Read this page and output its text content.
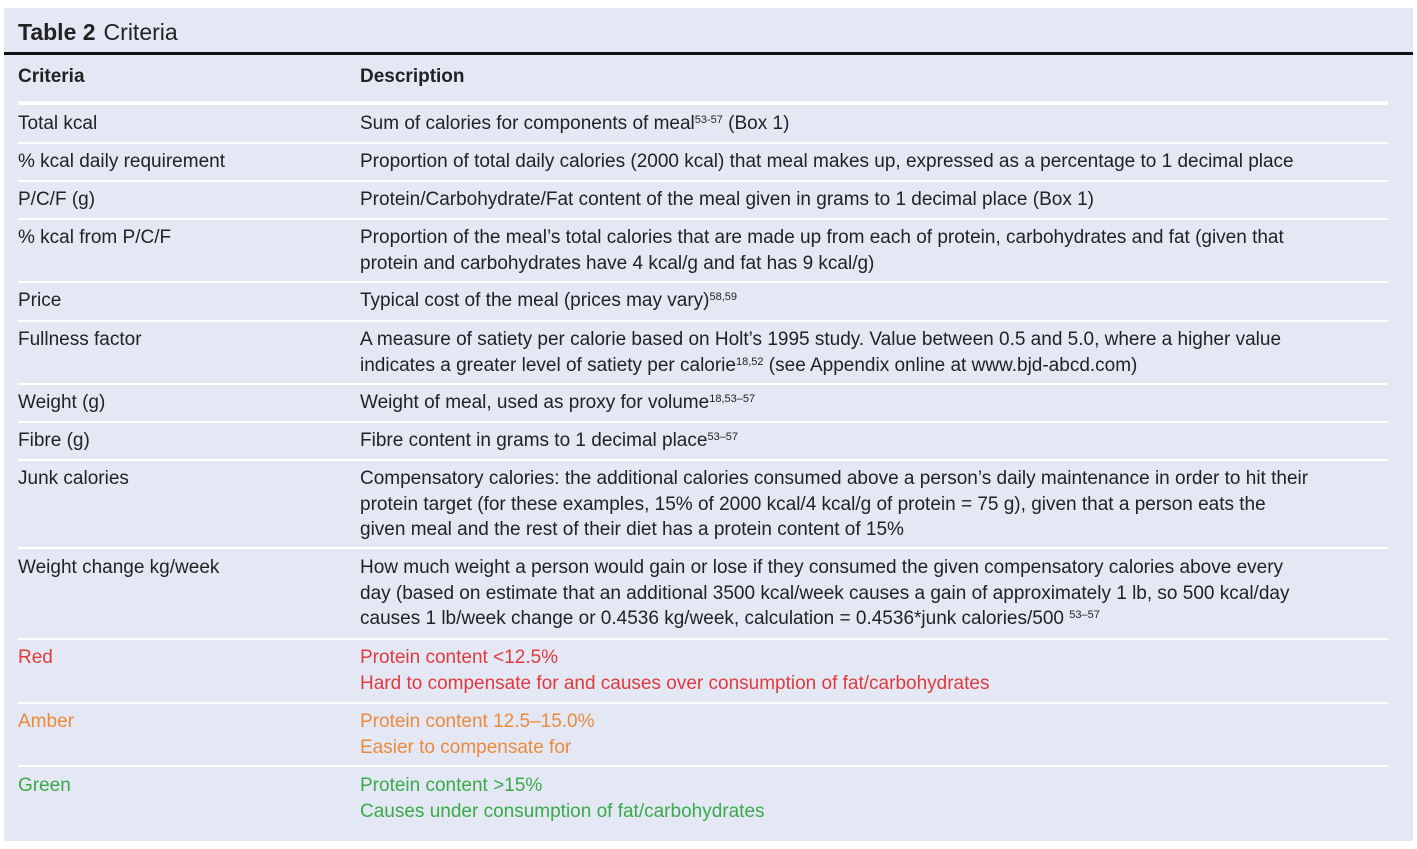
Table 2 Criteria
Criteria	Description
Total kcal	Sum of calories for components of meal$^{53-57}$ (Box 1)
% kcal daily requirement	Proportion of total daily calories (2000 kcal) that meal makes up, expressed as a percentage to 1 decimal place
P/C/F (g)	Protein/Carbohydrate/Fat content of the meal given in grams to 1 decimal place (Box 1)
% kcal from P/C/F	Proportion of the meal’s total calories that are made up from each of protein, carbohydrates and fat (given that
protein and carbohydrates have 4 kcal/g and fat has 9 kcal/g)
Price	Typical cost of the meal (prices may vary)$^{58,59}$
Fullness factor	A measure of satiety per calorie based on Holt’s 1995 study. Value between 0.5 and 5.0, where a higher value
indicates a greater level of satiety per calorie$^{18,52}$ (see Appendix online at www.bjd-abcd.com)
Weight (g)	Weight of meal, used as proxy for volume$^{18,53-57}$
Fibre (g)	Fibre content in grams to 1 decimal place$^{53-57}$
Junk calories	Compensatory calories: the additional calories consumed above a person’s daily maintenance in order to hit their
protein target (for these examples, 15% of 2000 kcal/4 kcal/g of protein = 75 g), given that a person eats the
given meal and the rest of their diet has a protein content of 15%
Weight change kg/week	How much weight a person would gain or lose if they consumed the given compensatory calories above every
day (based on estimate that an additional 3500 kcal/week causes a gain of approximately 1 lb, so 500 kcal/day
causes 1 lb/week change or 0.4536 kg/week, calculation = 0.4536*junk calories/500 $^{53-57}$
Red	Protein content <12.5%
Hard to compensate for and causes over consumption of fat/carbohydrates
Amber	Protein content 12.5–15.0%
Easier to compensate for
Green	Protein content >15%
Causes under consumption of fat/carbohydrates
